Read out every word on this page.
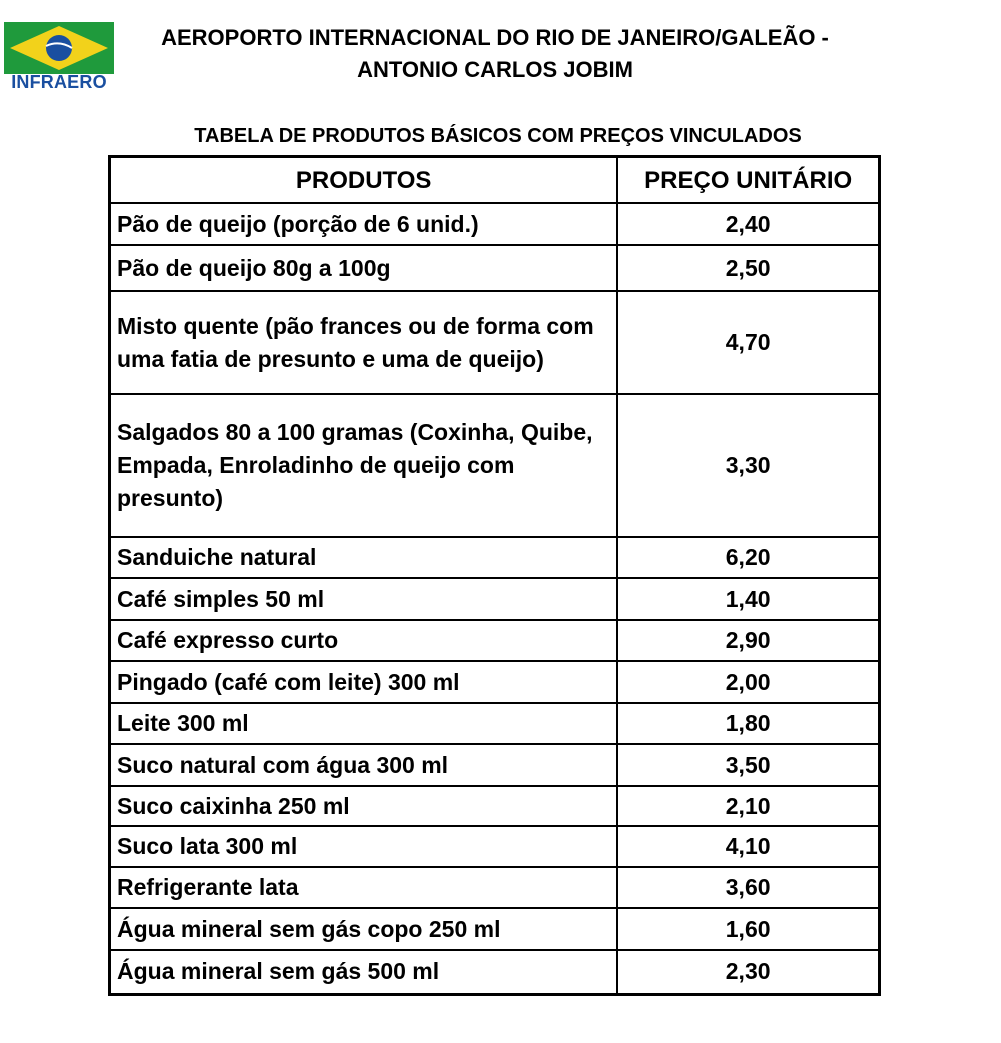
INFRAERO
AEROPORTO INTERNACIONAL DO RIO DE JANEIRO/GALEÃO -
ANTONIO CARLOS JOBIM
TABELA DE PRODUTOS BÁSICOS COM PREÇOS VINCULADOS
PRODUTOS	PREÇO UNITÁRIO
Pão de queijo (porção de 6 unid.)	2,40
Pão de queijo 80g a 100g	2,50
Misto quente (pão frances ou de forma com uma fatia de presunto e uma de queijo)	4,70
Salgados 80 a 100 gramas (Coxinha, Quibe, Empada, Enroladinho de queijo com presunto)	3,30
Sanduiche natural	6,20
Café simples 50 ml	1,40
Café expresso curto	2,90
Pingado (café com leite) 300 ml	2,00
Leite 300 ml	1,80
Suco natural com água 300 ml	3,50
Suco caixinha 250 ml	2,10
Suco lata 300 ml	4,10
Refrigerante lata	3,60
Água mineral sem gás copo 250 ml	1,60
Água mineral sem gás 500 ml	2,30
